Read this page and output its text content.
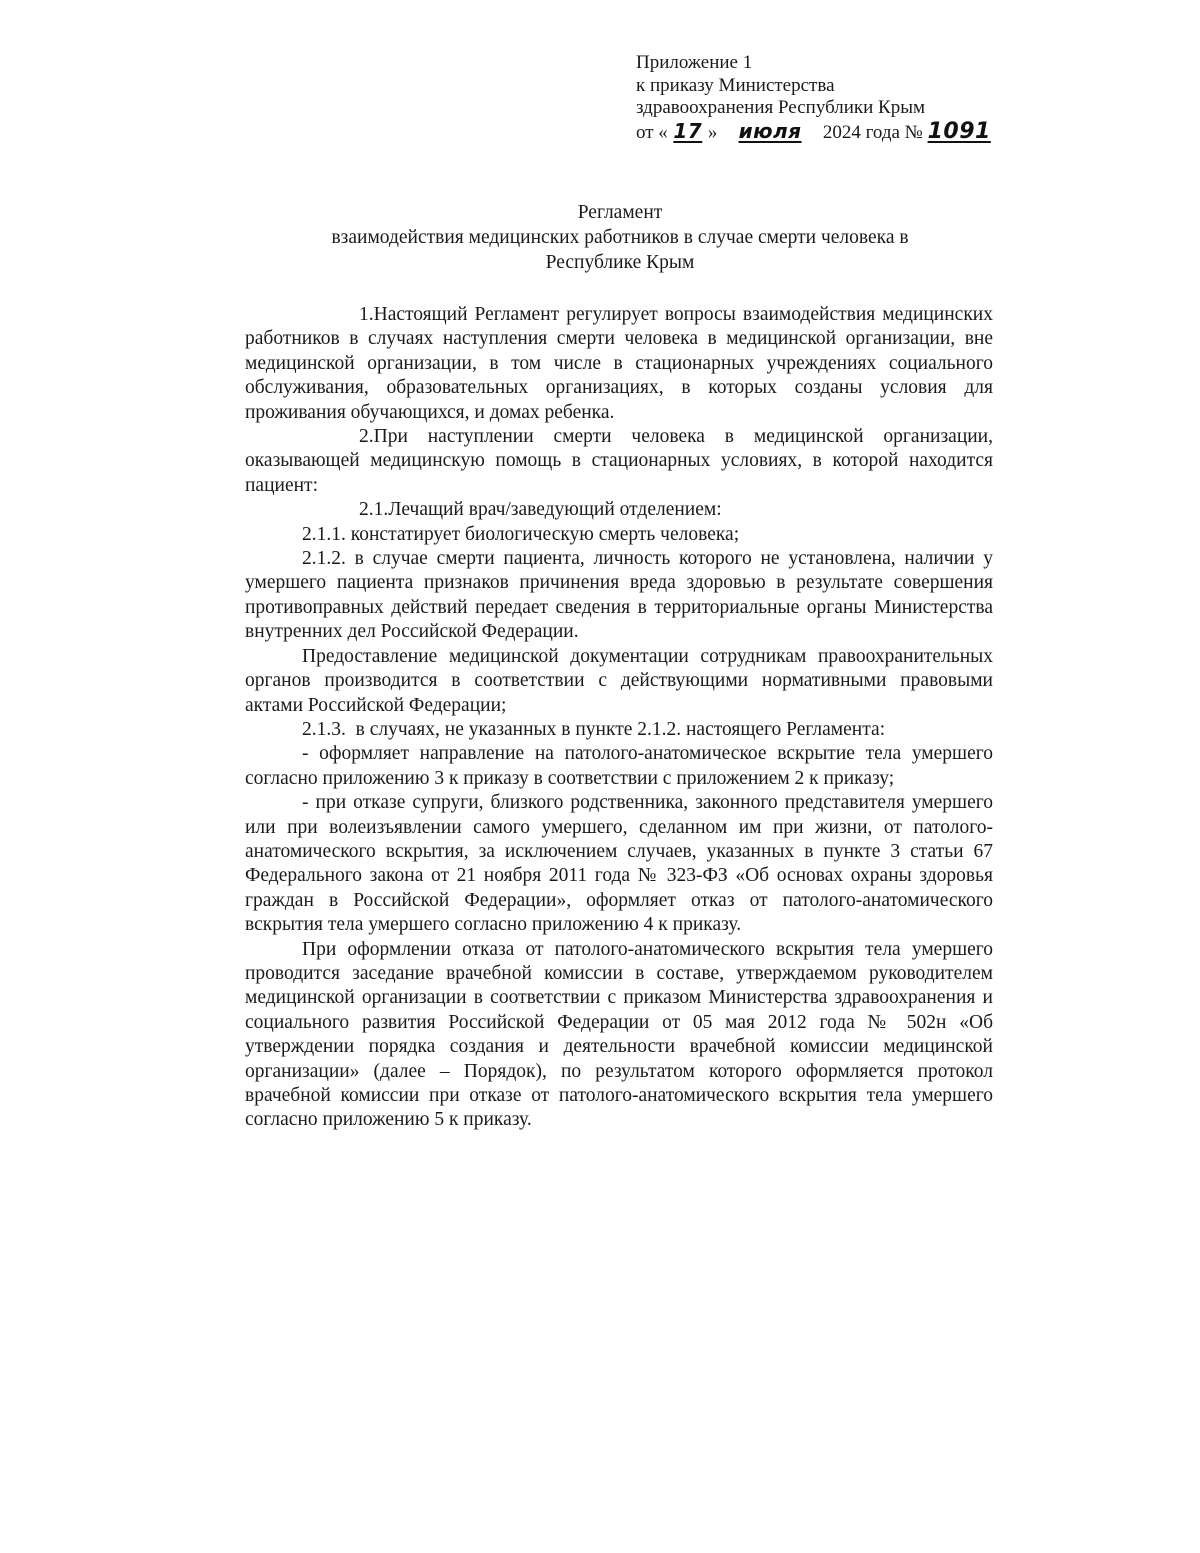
Приложение 1
к приказу Министерства
здравоохранения Республики Крым
от « 17 » июля 2024 года № 1091
Регламент
взаимодействия медицинских работников в случае смерти человека в
Республике Крым

1.Настоящий Регламент регулирует вопросы взаимодействия медицинских работников в случаях наступления смерти человека в медицинской организации, вне медицинской организации, в том числе в стационарных учреждениях социального обслуживания, образовательных организациях, в которых созданы условия для проживания обучающихся, и домах ребенка.

2.При наступлении смерти человека в медицинской организации, оказывающей медицинскую помощь в стационарных условиях, в которой находится пациент:

2.1.Лечащий врач/заведующий отделением:

2.1.1. констатирует биологическую смерть человека;

2.1.2. в случае смерти пациента, личность которого не установлена, наличии у умершего пациента признаков причинения вреда здоровью в результате совершения противоправных действий передает сведения в территориальные органы Министерства внутренних дел Российской Федерации.

Предоставление медицинской документации сотрудникам правоохранительных органов производится в соответствии с действующими нормативными правовыми актами Российской Федерации;

2.1.3. в случаях, не указанных в пункте 2.1.2. настоящего Регламента:

- оформляет направление на патолого-анатомическое вскрытие тела умершего согласно приложению 3 к приказу в соответствии с приложением 2 к приказу;

- при отказе супруги, близкого родственника, законного представителя умершего или при волеизъявлении самого умершего, сделанном им при жизни, от патолого-анатомического вскрытия, за исключением случаев, указанных в пункте 3 статьи 67 Федерального закона от 21 ноября 2011 года № 323-ФЗ «Об основах охраны здоровья граждан в Российской Федерации», оформляет отказ от патолого-анатомического вскрытия тела умершего согласно приложению 4 к приказу.

При оформлении отказа от патолого-анатомического вскрытия тела умершего проводится заседание врачебной комиссии в составе, утверждаемом руководителем медицинской организации в соответствии с приказом Министерства здравоохранения и социального развития Российской Федерации от 05 мая 2012 года № 502н «Об утверждении порядка создания и деятельности врачебной комиссии медицинской организации» (далее – Порядок), по результатом которого оформляется протокол врачебной комиссии при отказе от патолого-анатомического вскрытия тела умершего согласно приложению 5 к приказу.
